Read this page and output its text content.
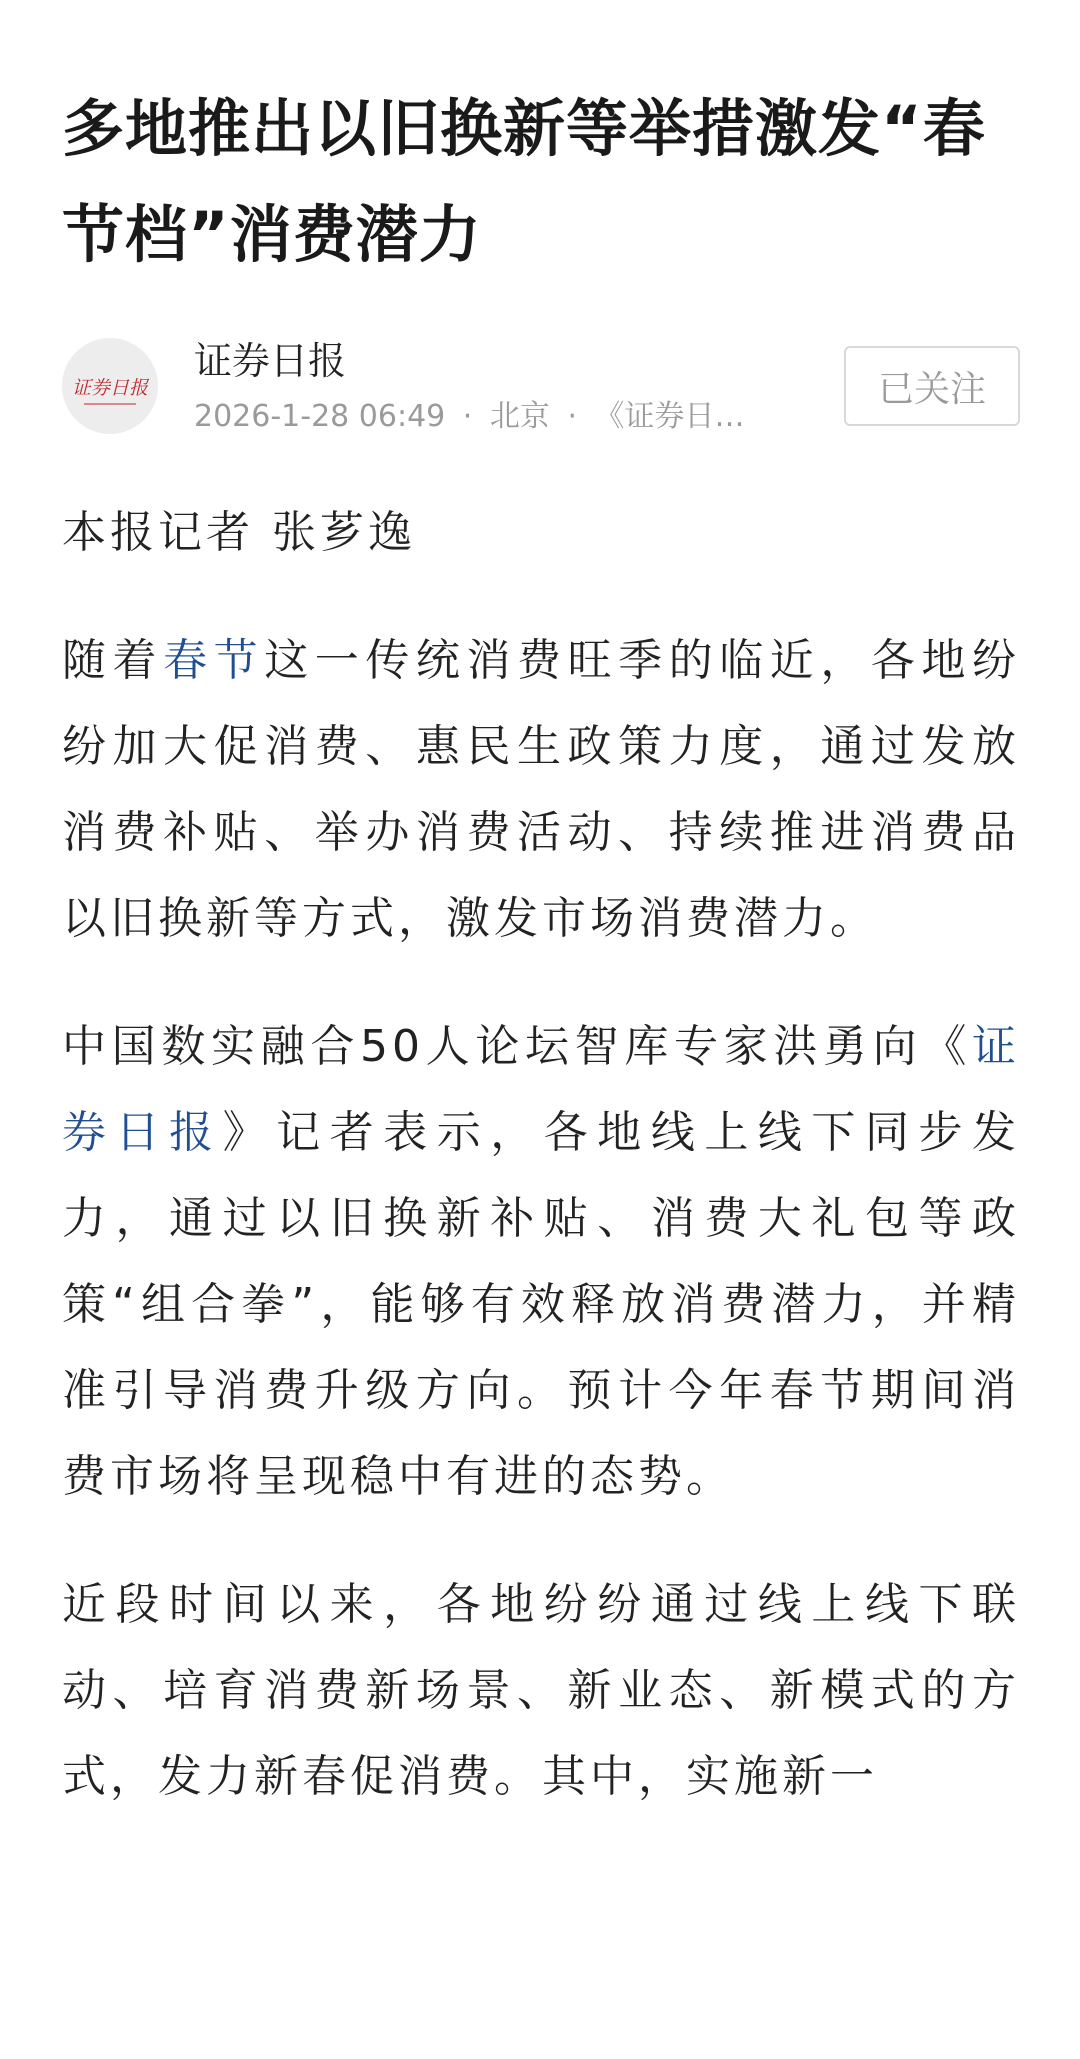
多地推出以旧换新等举措激发“春节档”消费潜力
证券日报
证券日报
2026-1-28 06:49 · 北京 · 《证券日…
已关注

本报记者 张芗逸

随着春节这一传统消费旺季的临近，各地纷纷加大促消费、惠民生政策力度，通过发放消费补贴、举办消费活动、持续推进消费品以旧换新等方式，激发市场消费潜力。

中国数实融合50人论坛智库专家洪勇向《证券日报》记者表示，各地线上线下同步发力，通过以旧换新补贴、消费大礼包等政策“组合拳”，能够有效释放消费潜力，并精准引导消费升级方向。预计今年春节期间消费市场将呈现稳中有进的态势。

近段时间以来，各地纷纷通过线上线下联动、培育消费新场景、新业态、新模式的方式，发力新春促消费。其中，实施新一
